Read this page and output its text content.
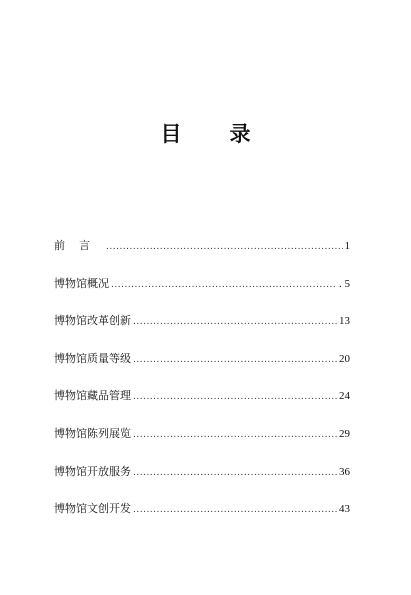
目 录
前言 .....	1
博物馆概况 .....	. 5
博物馆改革创新 .....	13
博物馆质量等级 .....	20
博物馆藏品管理 .....	24
博物馆陈列展览 .....	29
博物馆开放服务 .....	36
博物馆文创开发 .....	43
